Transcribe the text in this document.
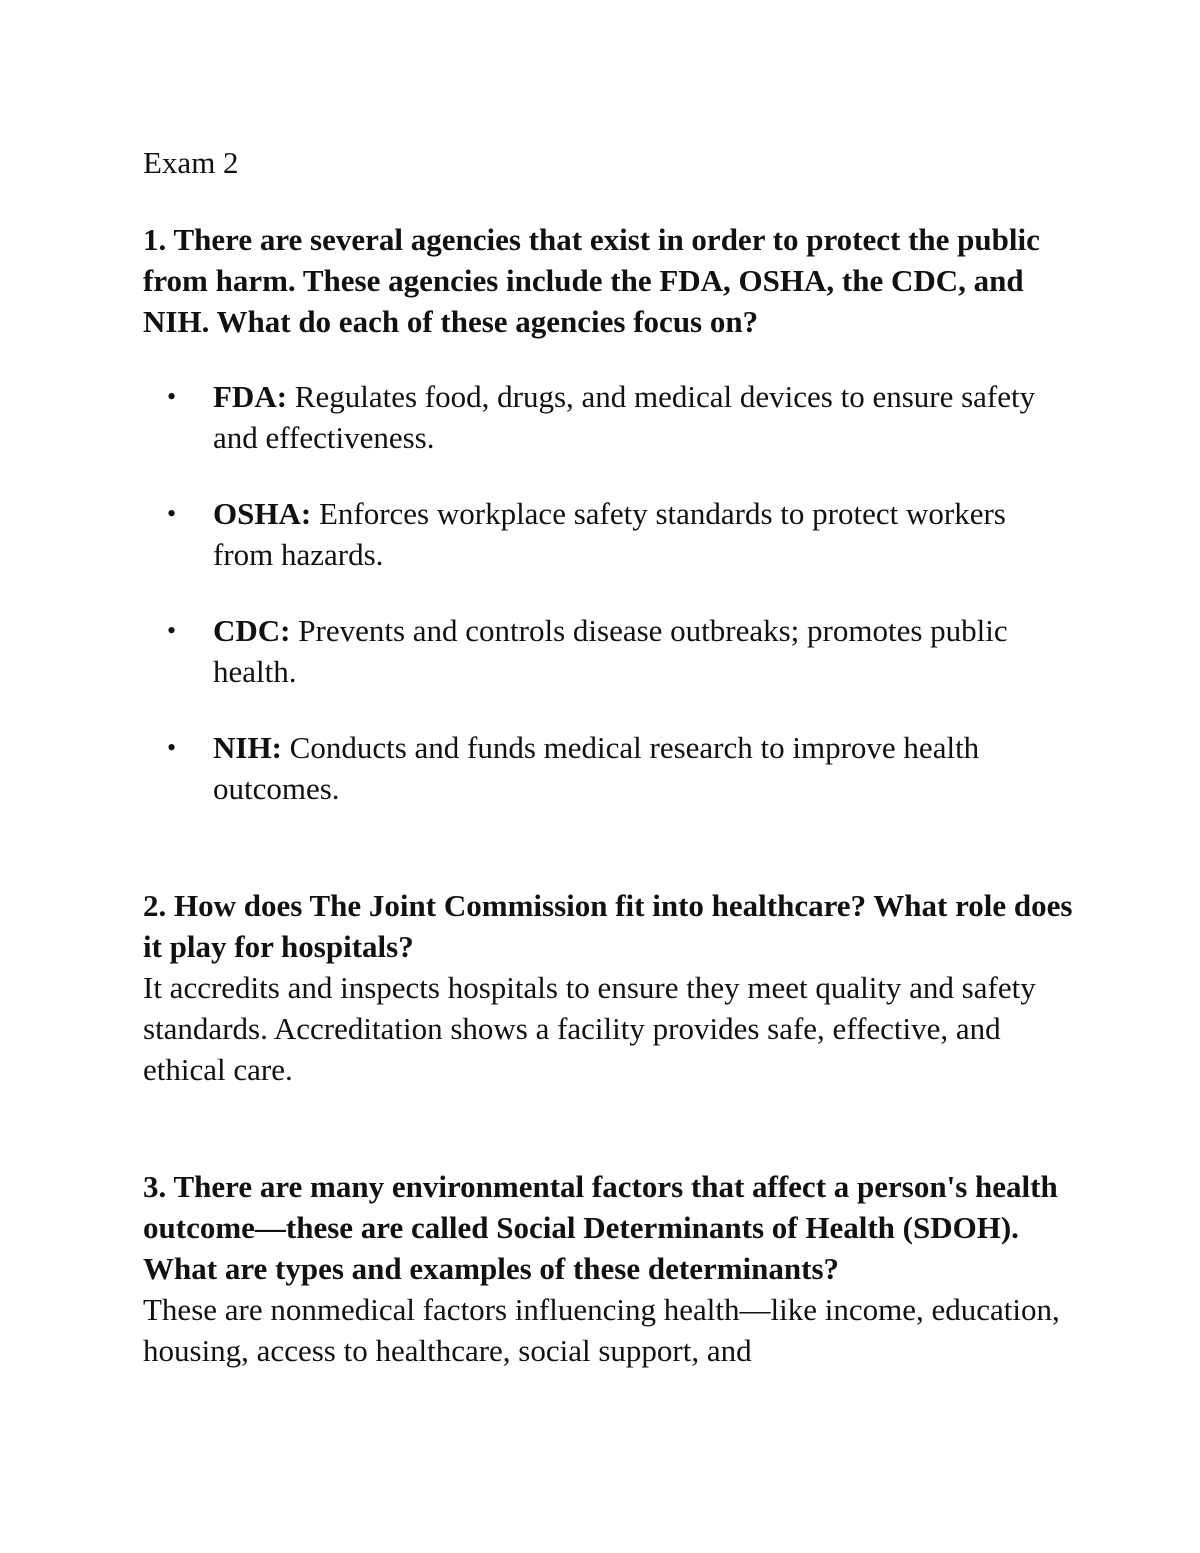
Exam 2

1. There are several agencies that exist in order to protect the public from harm. These agencies include the FDA, OSHA, the CDC, and NIH. What do each of these agencies focus on?

• FDA: Regulates food, drugs, and medical devices to ensure safety and effectiveness.
• OSHA: Enforces workplace safety standards to protect workers from hazards.
• CDC: Prevents and controls disease outbreaks; promotes public health.
• NIH: Conducts and funds medical research to improve health outcomes.

2. How does The Joint Commission fit into healthcare? What role does it play for hospitals?

It accredits and inspects hospitals to ensure they meet quality and safety standards. Accreditation shows a facility provides safe, effective, and ethical care.

3. There are many environmental factors that affect a person's health outcome—these are called Social Determinants of Health (SDOH). What are types and examples of these determinants?

These are nonmedical factors influencing health—like income, education, housing, access to healthcare, social support, and
